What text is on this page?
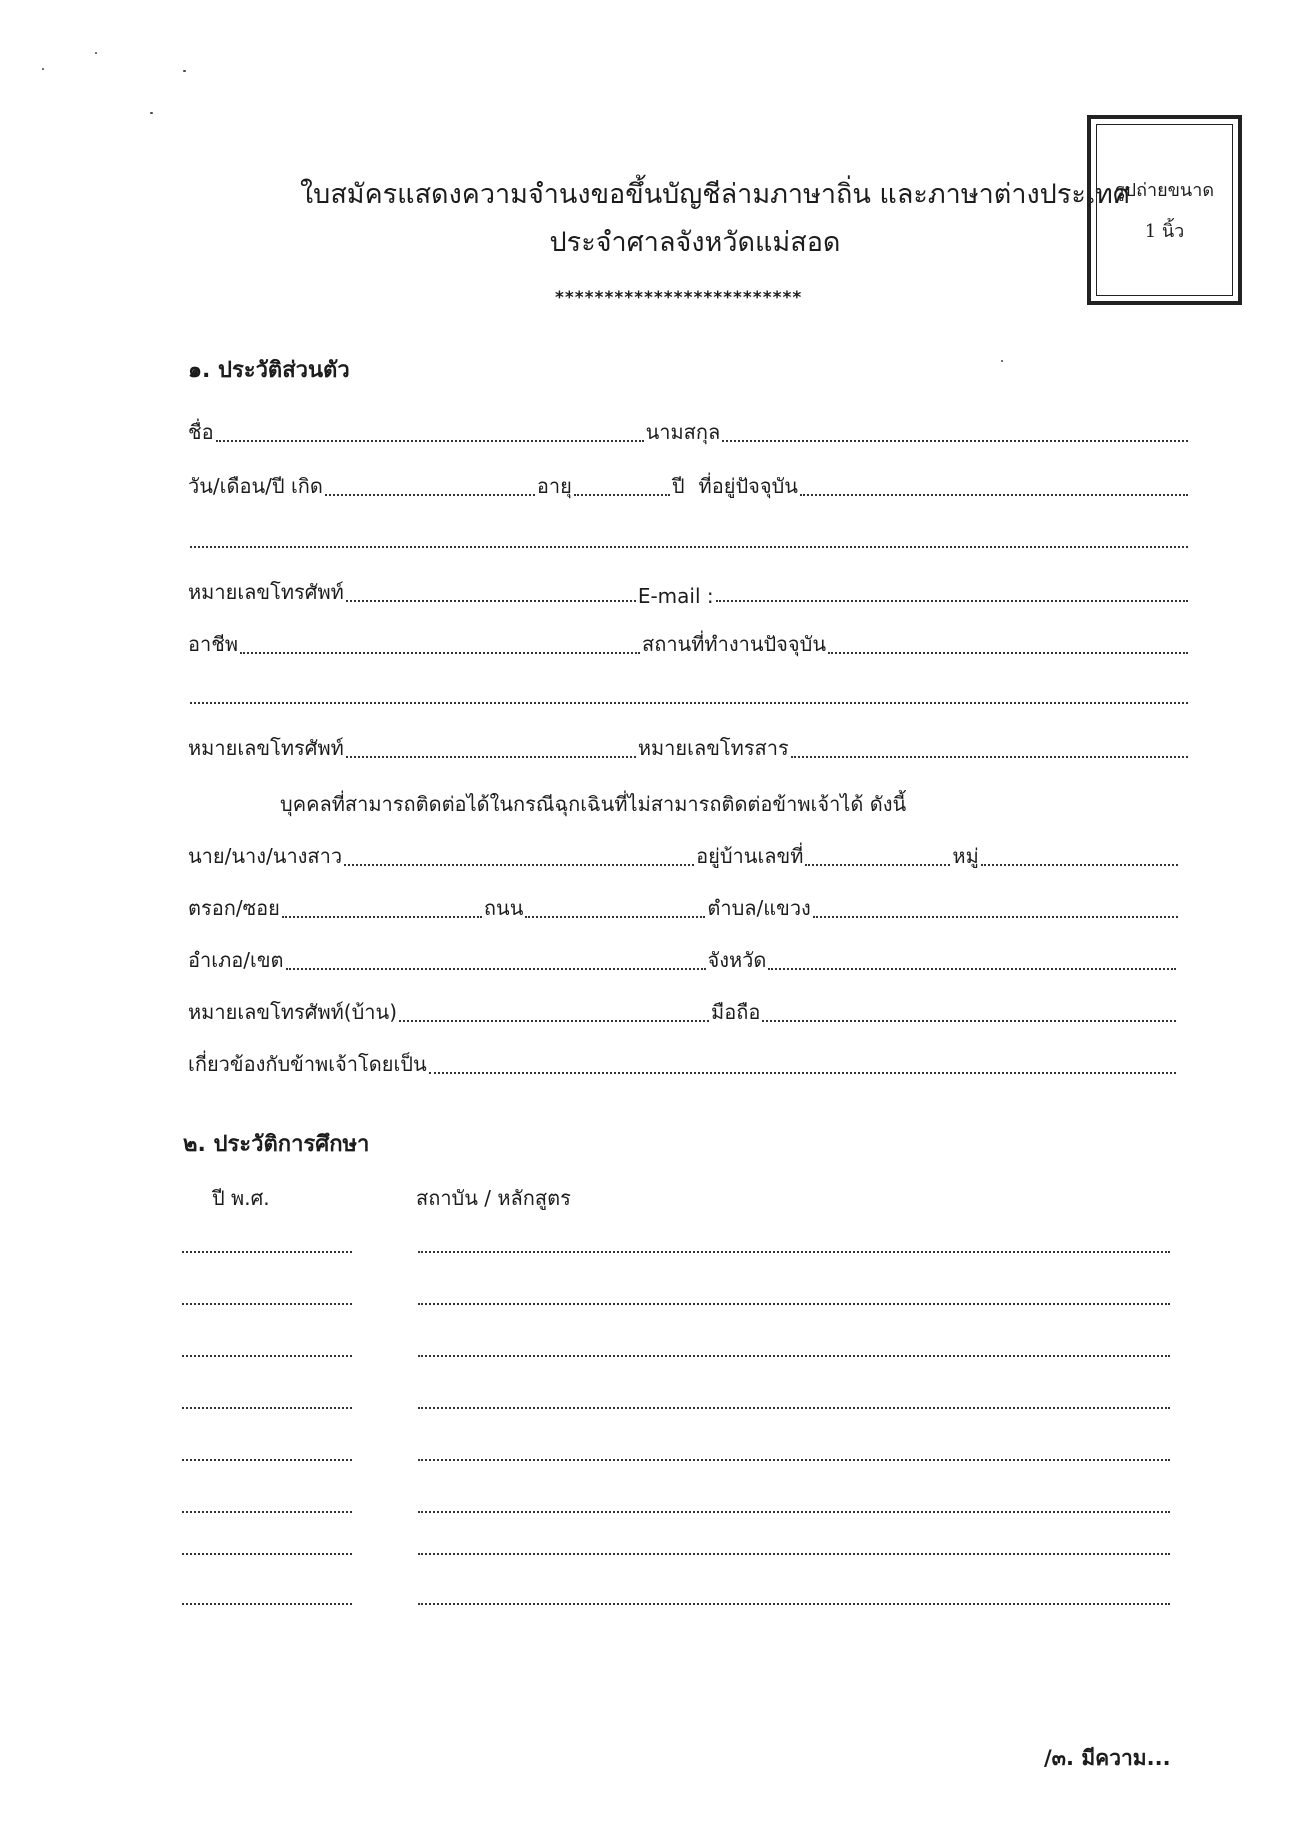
ใบสมัครแสดงความจำนงขอขึ้นบัญชีล่ามภาษาถิ่น และภาษาต่างประเทศ
ประจำศาลจังหวัดแม่สอด
*************************
รูปถ่ายขนาด
1 นิ้ว
๑. ประวัติส่วนตัว
ชื่อ	นามสกุล
วัน/เดือน/ปี เกิด	อายุ	ปี ที่อยู่ปัจจุบัน
หมายเลขโทรศัพท์	E-mail :
อาชีพ	สถานที่ทำงานปัจจุบัน
หมายเลขโทรศัพท์	หมายเลขโทรสาร
บุคคลที่สามารถติดต่อได้ในกรณีฉุกเฉินที่ไม่สามารถติดต่อข้าพเจ้าได้ ดังนี้
นาย/นาง/นางสาว	อยู่บ้านเลขที่	หมู่
ตรอก/ซอย	ถนน	ตำบล/แขวง
อำเภอ/เขต	จังหวัด
หมายเลขโทรศัพท์(บ้าน)	มือถือ
เกี่ยวข้องกับข้าพเจ้าโดยเป็น
๒. ประวัติการศึกษา
ปี พ.ศ.	สถาบัน / หลักสูตร
/๓. มีความ...
